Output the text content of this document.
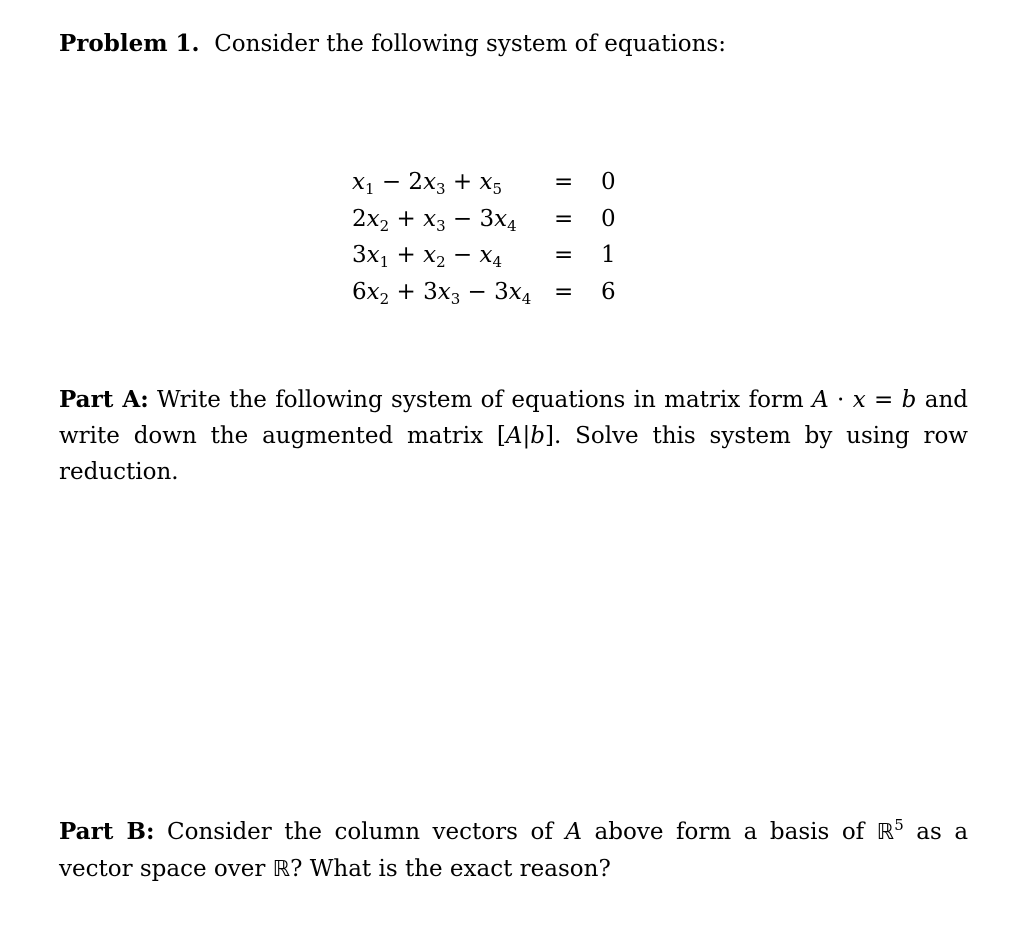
Problem 1. Consider the following system of equations:
$x_1 - 2x_3 + x_5$	=	0
$2x_2 + x_3 - 3x_4$	=	0
$3x_1 + x_2 - x_4$	=	1
$6x_2 + 3x_3 - 3x_4$	=	6
Part A: Write the following system of equations in matrix form A · x = b and write down the augmented matrix [A|b]. Solve this system by using row reduction.
Part B: Consider the column vectors of A above form a basis of ℝ$^5$ as a vector space over ℝ? What is the exact reason?
